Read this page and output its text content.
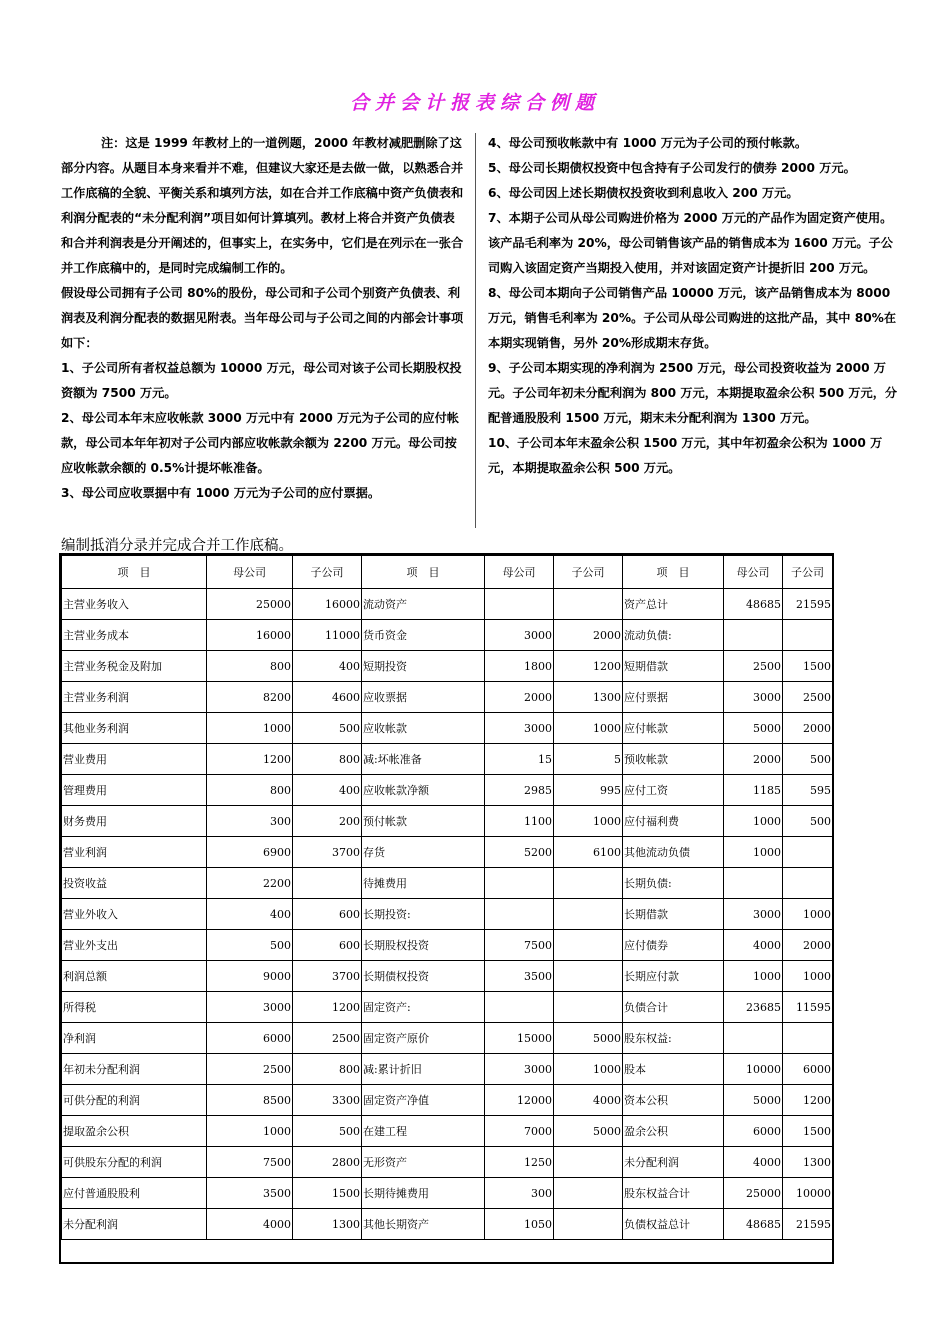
合并会计报表综合例题

注：这是 1999 年教材上的一道例题，2000 年教材减肥删除了这部分内容。从题目本身来看并不难，但建议大家还是去做一做，以熟悉合并工作底稿的全貌、平衡关系和填列方法，如在合并工作底稿中资产负债表和利润分配表的“未分配利润”项目如何计算填列。教材上将合并资产负债表和合并利润表是分开阐述的，但事实上，在实务中，它们是在列示在一张合并工作底稿中的，是同时完成编制工作的。

假设母公司拥有子公司 80%的股份，母公司和子公司个别资产负债表、利润表及利润分配表的数据见附表。当年母公司与子公司之间的内部会计事项如下：

1、子公司所有者权益总额为 10000 万元，母公司对该子公司长期股权投资额为 7500 万元。

2、母公司本年末应收帐款 3000 万元中有 2000 万元为子公司的应付帐款，母公司本年年初对子公司内部应收帐款余额为 2200 万元。母公司按应收帐款余额的 0.5%计提坏帐准备。

3、母公司应收票据中有 1000 万元为子公司的应付票据。

4、母公司预收帐款中有 1000 万元为子公司的预付帐款。

5、母公司长期债权投资中包含持有子公司发行的债券 2000 万元。

6、母公司因上述长期债权投资收到利息收入 200 万元。

7、本期子公司从母公司购进价格为 2000 万元的产品作为固定资产使用。该产品毛利率为 20%，母公司销售该产品的销售成本为 1600 万元。子公司购入该固定资产当期投入使用，并对该固定资产计提折旧 200 万元。

8、母公司本期向子公司销售产品 10000 万元，该产品销售成本为 8000 万元，销售毛利率为 20%。子公司从母公司购进的这批产品，其中 80%在本期实现销售，另外 20%形成期末存货。

9、子公司本期实现的净利润为 2500 万元，母公司投资收益为 2000 万元。子公司年初未分配利润为 800 万元，本期提取盈余公积 500 万元，分配普通股股利 1500 万元，期末未分配利润为 1300 万元。

10、子公司本年末盈余公积 1500 万元，其中年初盈余公积为 1000 万元，本期提取盈余公积 500 万元。

编制抵消分录并完成合并工作底稿。
项　目	母公司	子公司	项　目	母公司	子公司	项　目	母公司	子公司
主营业务收入	25000	16000	流动资产			资产总计	48685	21595
主营业务成本	16000	11000	货币资金	3000	2000	流动负债:		
主营业务税金及附加	800	400	短期投资	1800	1200	短期借款	2500	1500
主营业务利润	8200	4600	应收票据	2000	1300	应付票据	3000	2500
其他业务利润	1000	500	应收帐款	3000	1000	应付帐款	5000	2000
营业费用	1200	800	减:坏帐准备	15	5	预收帐款	2000	500
管理费用	800	400	应收帐款净额	2985	995	应付工资	1185	595
财务费用	300	200	预付帐款	1100	1000	应付福利费	1000	500
营业利润	6900	3700	存货	5200	6100	其他流动负债	1000	
投资收益	2200		待摊费用			长期负债:		
营业外收入	400	600	长期投资:			长期借款	3000	1000
营业外支出	500	600	长期股权投资	7500		应付债券	4000	2000
利润总额	9000	3700	长期债权投资	3500		长期应付款	1000	1000
所得税	3000	1200	固定资产:			负债合计	23685	11595
净利润	6000	2500	固定资产原价	15000	5000	股东权益:		
年初未分配利润	2500	800	减:累计折旧	3000	1000	股本	10000	6000
可供分配的利润	8500	3300	固定资产净值	12000	4000	资本公积	5000	1200
提取盈余公积	1000	500	在建工程	7000	5000	盈余公积	6000	1500
可供股东分配的利润	7500	2800	无形资产	1250		未分配利润	4000	1300
应付普通股股利	3500	1500	长期待摊费用	300		股东权益合计	25000	10000
未分配利润	4000	1300	其他长期资产	1050		负债权益总计	48685	21595
